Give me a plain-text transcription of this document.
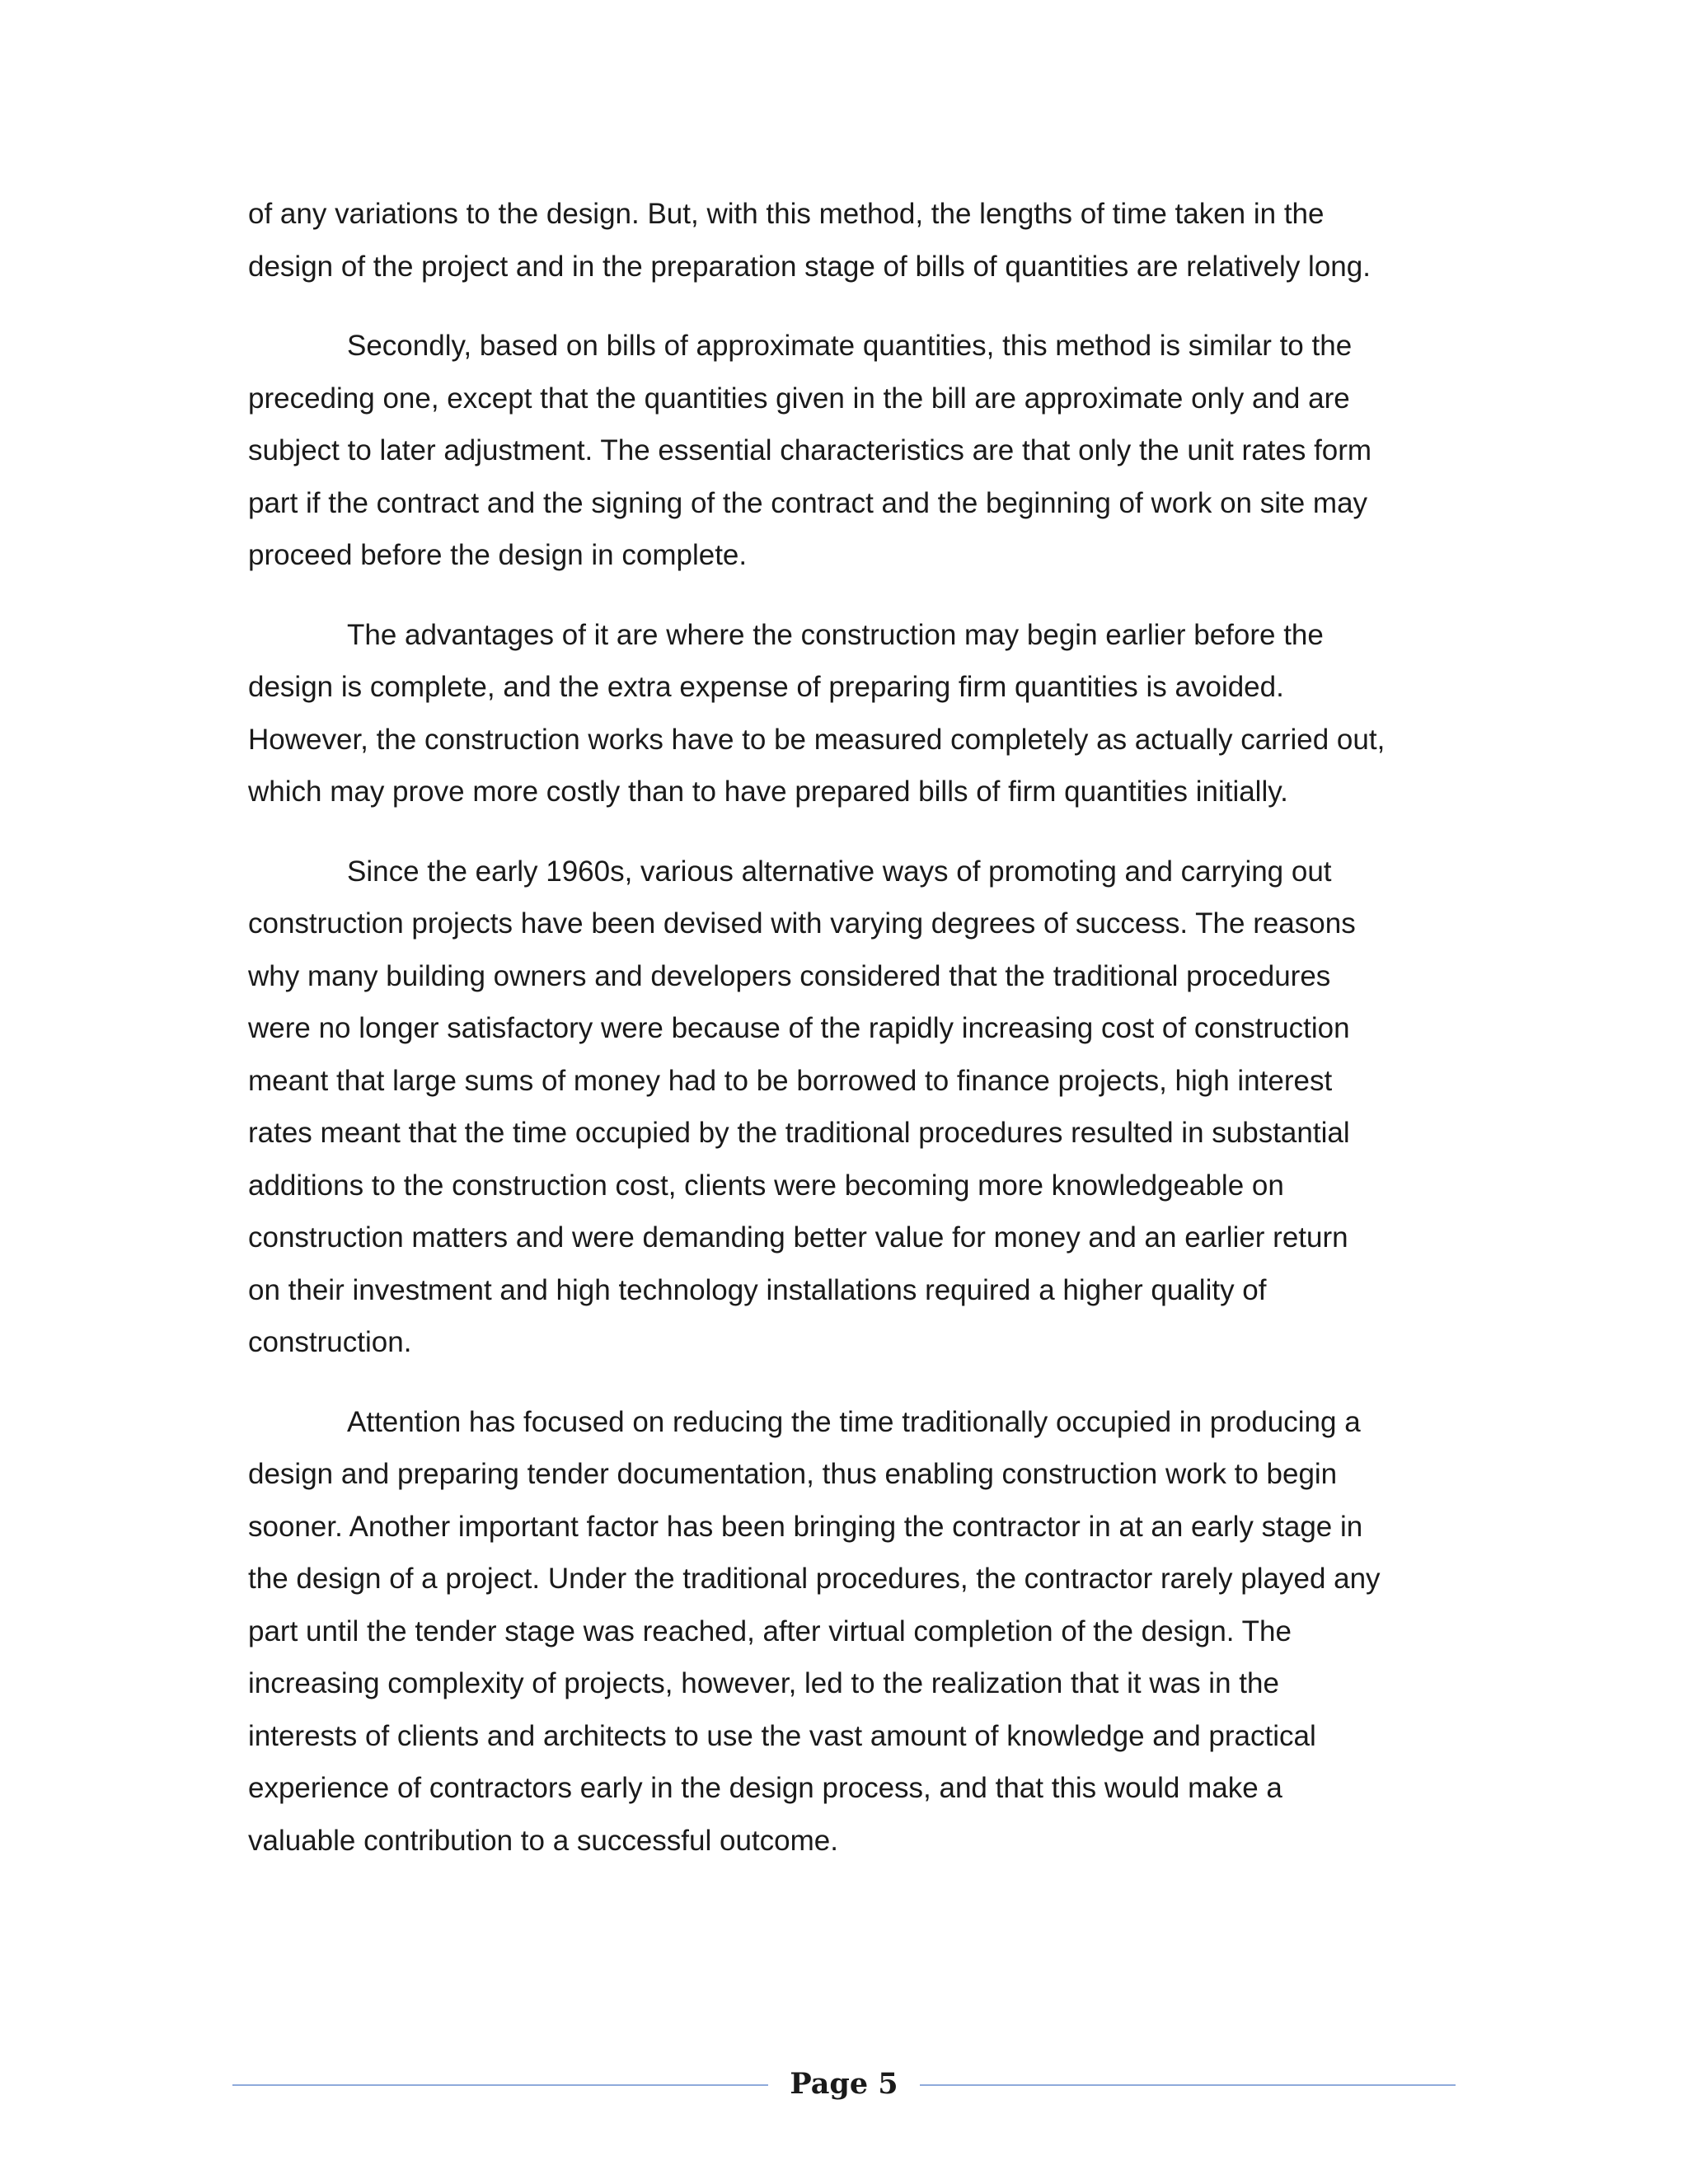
of any variations to the design. But, with this method, the lengths of time taken in the
design of the project and in the preparation stage of bills of quantities are relatively long.

Secondly, based on bills of approximate quantities, this method is similar to the
preceding one, except that the quantities given in the bill are approximate only and are
subject to later adjustment. The essential characteristics are that only the unit rates form
part if the contract and the signing of the contract and the beginning of work on site may
proceed before the design in complete.

The advantages of it are where the construction may begin earlier before the
design is complete, and the extra expense of preparing firm quantities is avoided.
However, the construction works have to be measured completely as actually carried out,
which may prove more costly than to have prepared bills of firm quantities initially.

Since the early 1960s, various alternative ways of promoting and carrying out
construction projects have been devised with varying degrees of success. The reasons
why many building owners and developers considered that the traditional procedures
were no longer satisfactory were because of the rapidly increasing cost of construction
meant that large sums of money had to be borrowed to finance projects, high interest
rates meant that the time occupied by the traditional procedures resulted in substantial
additions to the construction cost, clients were becoming more knowledgeable on
construction matters and were demanding better value for money and an earlier return
on their investment and high technology installations required a higher quality of
construction.

Attention has focused on reducing the time traditionally occupied in producing a
design and preparing tender documentation, thus enabling construction work to begin
sooner. Another important factor has been bringing the contractor in at an early stage in
the design of a project. Under the traditional procedures, the contractor rarely played any
part until the tender stage was reached, after virtual completion of the design. The
increasing complexity of projects, however, led to the realization that it was in the
interests of clients and architects to use the vast amount of knowledge and practical
experience of contractors early in the design process, and that this would make a
valuable contribution to a successful outcome.

Page 5
